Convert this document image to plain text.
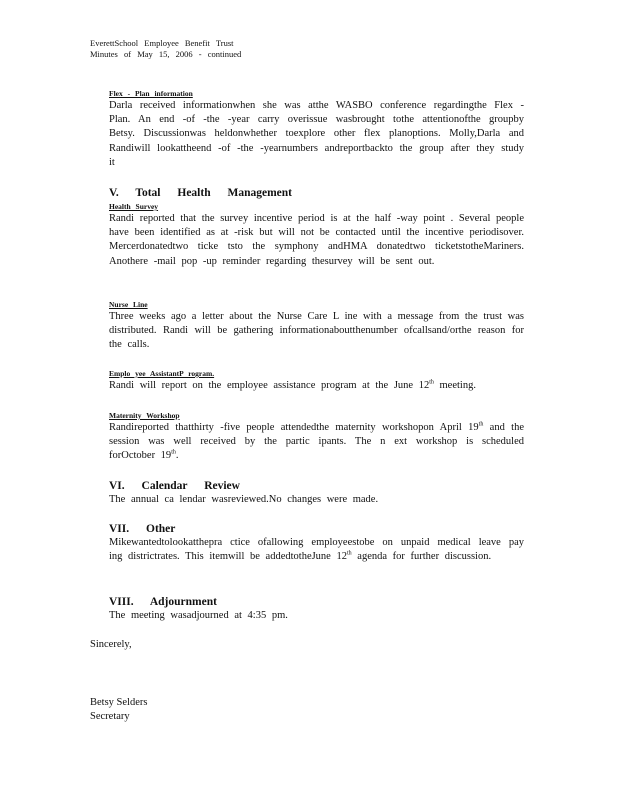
EverettSchool Employee Benefit Trust
Minutes of May 15, 2006 - continued
Flex - Plan information

Darla received informationwhen she was atthe WASBO conference regardingthe Flex -Plan. An end -of -the -year carry overissue wasbrought tothe attentionofthe groupby Betsy. Discussionwas heldonwhether toexplore other flex planoptions. Molly,Darla and Randiwill lookattheend -of -the -yearnumbers andreportbackto the group after they study it

V. Total Health Management
Health Survey

Randi reported that the survey incentive period is at the half -way point . Several people have been identified as at -risk but will not be contacted until the incentive periodisover. Mercerdonatedtwo ticke tsto the symphony andHMA donatedtwo ticketstotheMariners. Anothere -mail pop -up reminder regarding thesurvey will be sent out.

Nurse Line

Three weeks ago a letter about the Nurse Care L ine with a message from the trust was distributed. Randi will be gathering informationaboutthenumber ofcallsand/orthe reason for the calls.

Emplo yee AssistantP rogram.

Randi will report on the employee assistance program at the June 12th meeting.

Maternity Workshop

Randireported thatthirty -five people attendedthe maternity workshopon April 19th and the session was well received by the partic ipants. The n ext workshop is scheduled forOctober 19th.

VI. Calendar Review

The annual ca lendar wasreviewed.No changes were made.

VII. Other

Mikewantedtolookatthepra ctice ofallowing employeestobe on unpaid medical leave pay ing districtrates. This itemwill be addedtotheJune 12th agenda for further discussion.

VIII. Adjournment

The meeting wasadjourned at 4:35 pm.

Sincerely,
Betsy Selders
Secretary
